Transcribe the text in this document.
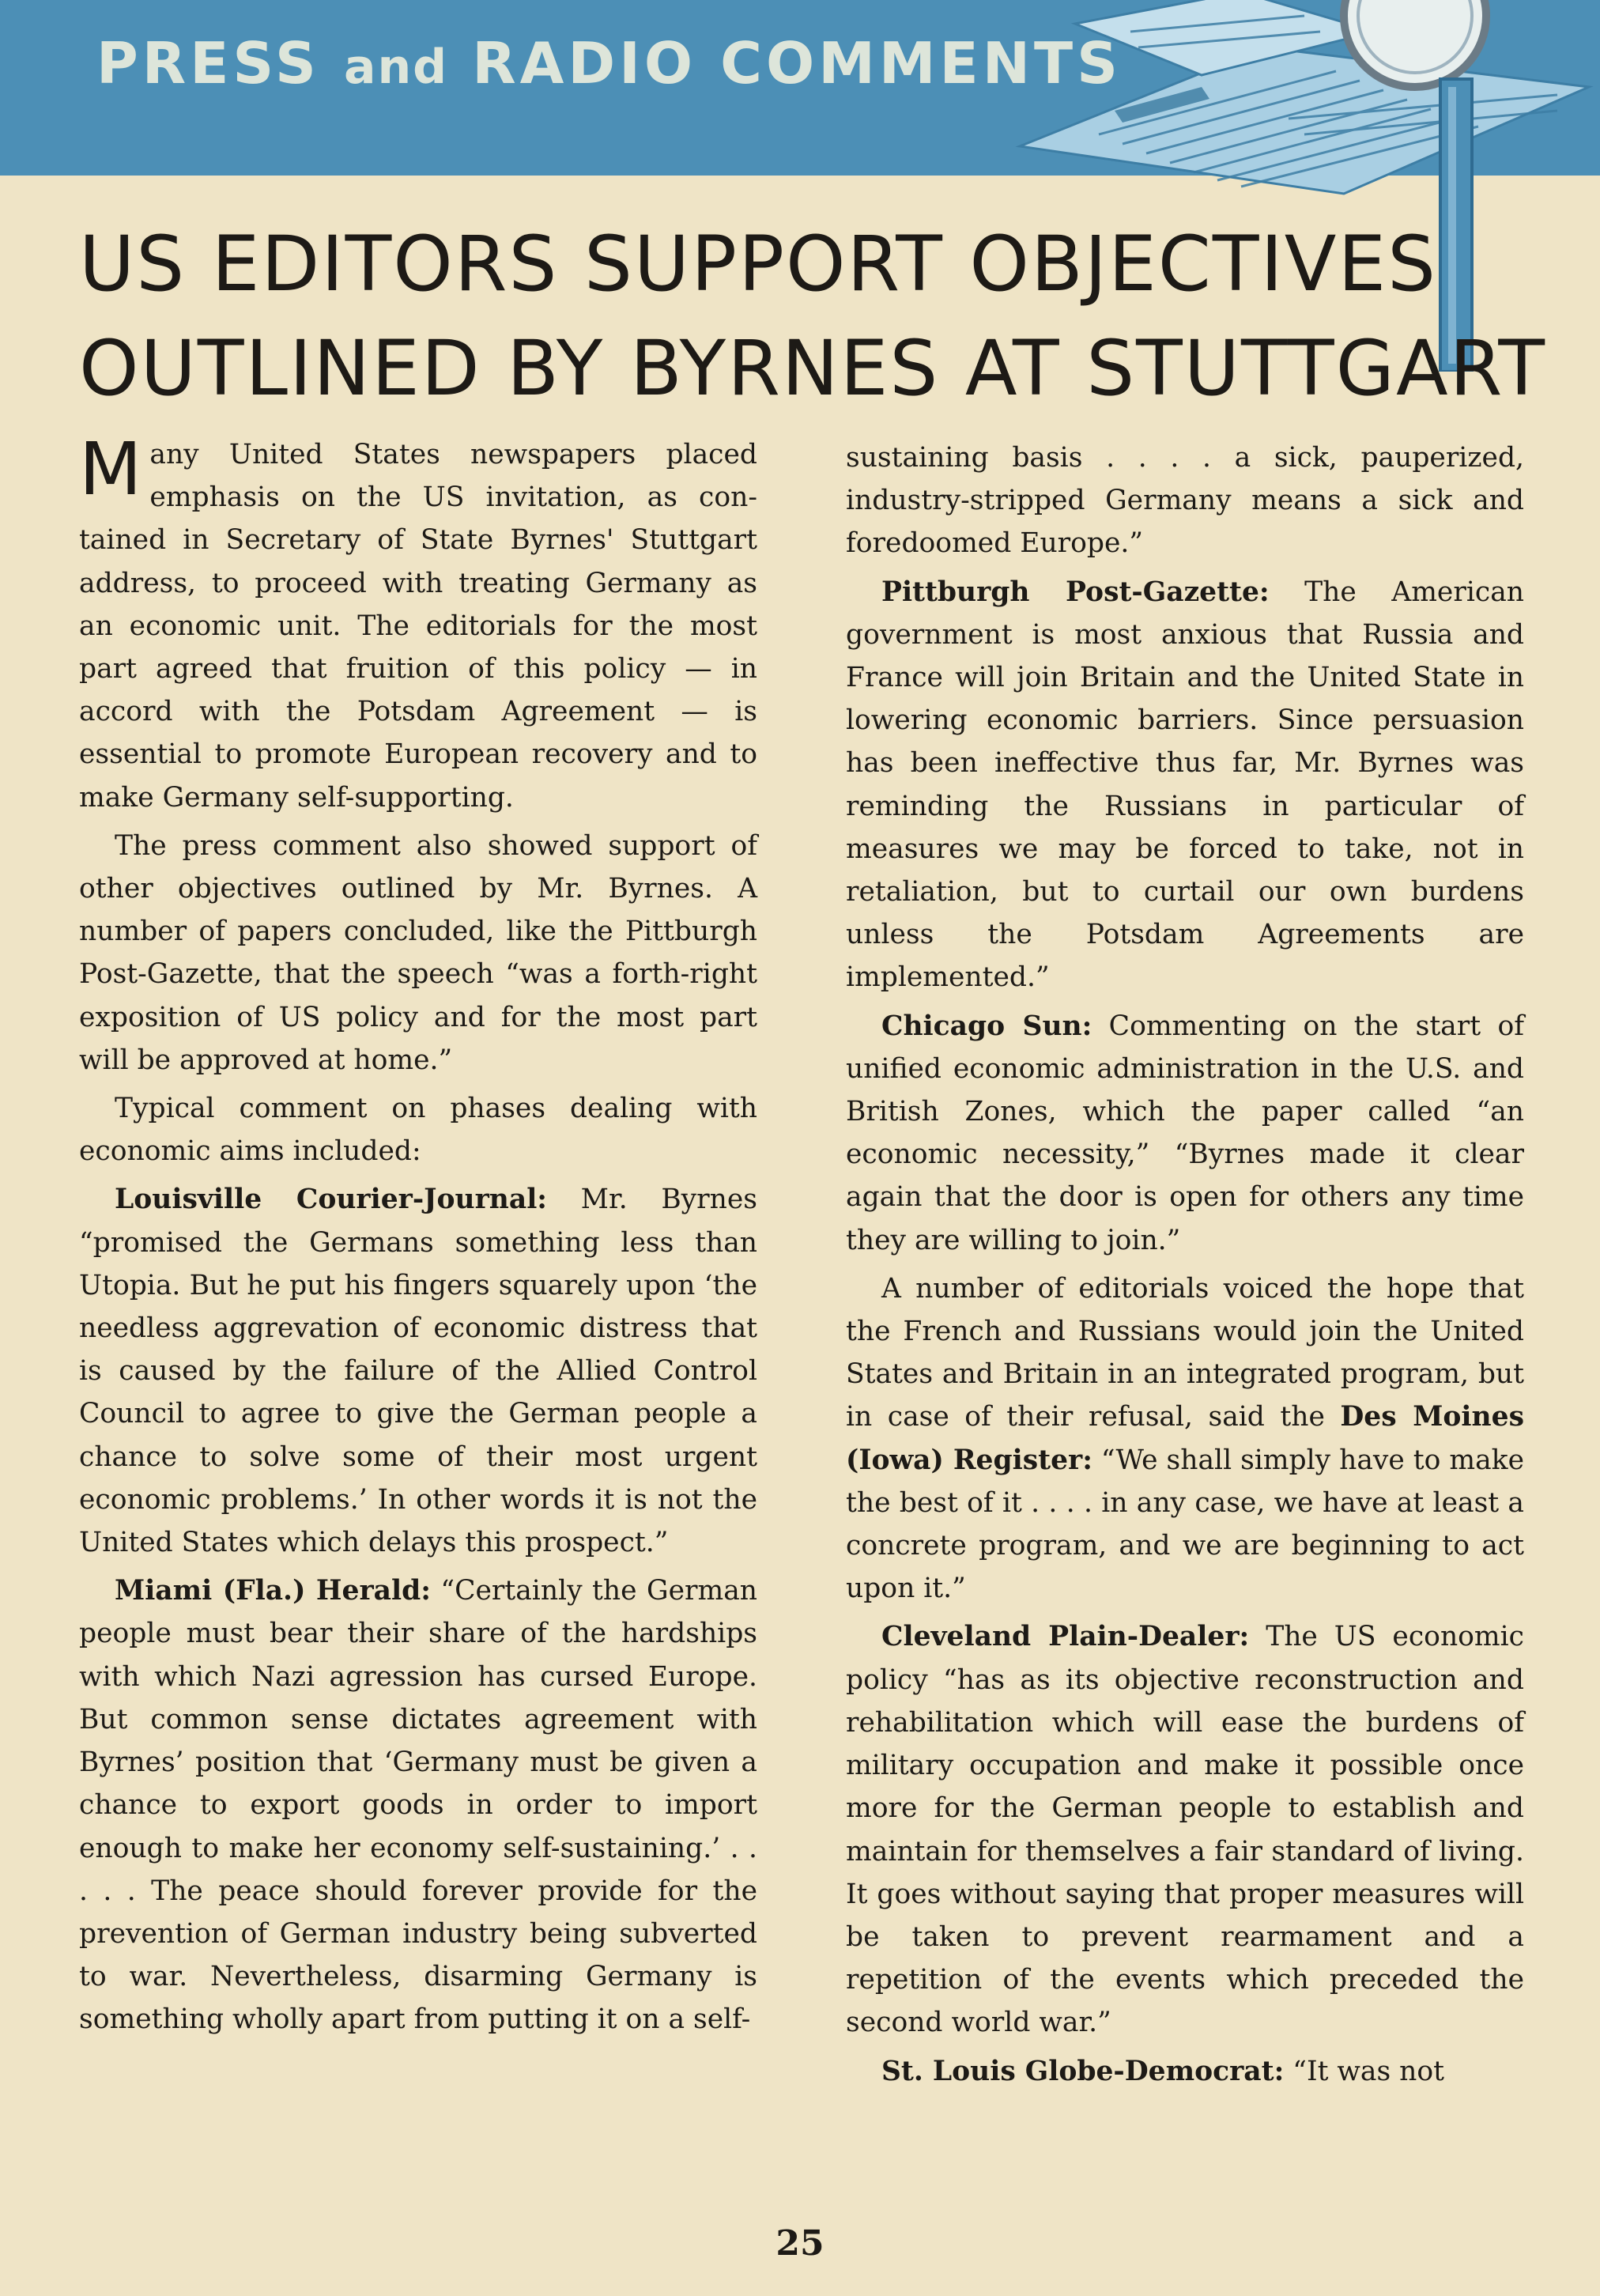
PRESS and RADIO COMMENTS
US EDITORS SUPPORT OBJECTIVES
OUTLINED BY BYRNES AT STUTTGART

Many United States newspapers placed emphasis on the US invitation, as contained in Secretary of State Byrnes' Stuttgart address, to proceed with treating Germany as an economic unit. The editorials for the most part agreed that fruition of this policy — in accord with the Potsdam Agreement — is essential to promote European recovery and to make Germany self-supporting.

The press comment also showed support of other objectives outlined by Mr. Byrnes. A number of papers concluded, like the Pittburgh Post-Gazette, that the speech “was a forth-right exposition of US policy and for the most part will be approved at home.”

Typical comment on phases dealing with economic aims included:

Louisville Courier-Journal: Mr. Byrnes “promised the Germans something less than Utopia. But he put his fingers squarely upon ‘the needless aggrevation of economic distress that is caused by the failure of the Allied Control Council to agree to give the German people a chance to solve some of their most urgent economic problems.’ In other words it is not the United States which delays this prospect.”

Miami (Fla.) Herald: “Certainly the German people must bear their share of the hardships with which Nazi agression has cursed Europe. But common sense dictates agreement with Byrnes’ position that ‘Germany must be given a chance to export goods in order to import enough to make her economy self-sustaining.’ . . . . . The peace should forever provide for the prevention of German industry being subverted to war. Nevertheless, disarming Germany is something wholly apart from putting it on a self-

sustaining basis . . . . a sick, pauperized, industry-stripped Germany means a sick and foredoomed Europe.”

Pittburgh Post-Gazette: The American government is most anxious that Russia and France will join Britain and the United State in lowering economic barriers. Since persuasion has been ineffective thus far, Mr. Byrnes was reminding the Russians in particular of measures we may be forced to take, not in retaliation, but to curtail our own burdens unless the Potsdam Agreements are implemented.”

Chicago Sun: Commenting on the start of unified economic administration in the U.S. and British Zones, which the paper called “an economic necessity,” “Byrnes made it clear again that the door is open for others any time they are willing to join.”

A number of editorials voiced the hope that the French and Russians would join the United States and Britain in an integrated program, but in case of their refusal, said the Des Moines (Iowa) Register: “We shall simply have to make the best of it . . . . in any case, we have at least a concrete program, and we are beginning to act upon it.”

Cleveland Plain-Dealer: The US economic policy “has as its objective reconstruction and rehabilitation which will ease the burdens of military occupation and make it possible once more for the German people to establish and maintain for themselves a fair standard of living. It goes without saying that proper measures will be taken to prevent rearmament and a repetition of the events which preceded the second world war.”

St. Louis Globe-Democrat: “It was not

25
